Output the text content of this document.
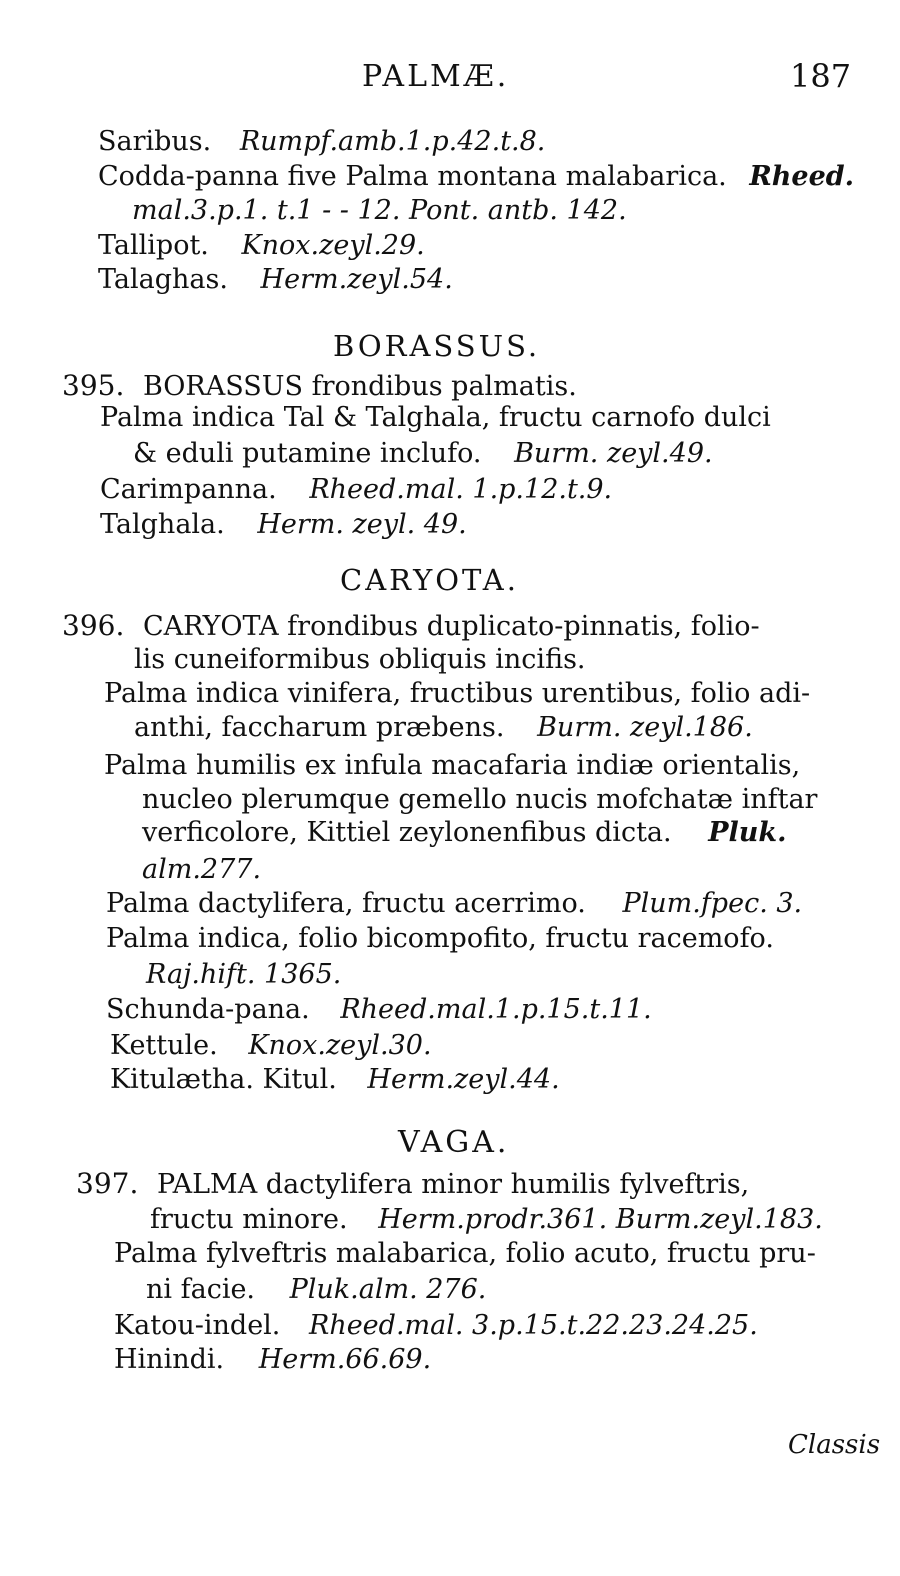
PALMÆ.	187
Saribus. Rumpf.amb.1.p.42.t.8.
Codda-panna five Palma montana malabarica. Rheed.
mal.3.p.1. t.1 - - 12. Pont. antb. 142.
Tallipot. Knox.zeyl.29.
Talaghas. Herm.zeyl.54.
BORASSUS.
395. BORASSUS frondibus palmatis.
Palma indica Tal & Talghala, fructu carnofo dulci
& eduli putamine inclufo. Burm. zeyl.49.
Carimpanna. Rheed.mal. 1.p.12.t.9.
Talghala. Herm. zeyl. 49.
CARYOTA.
396. CARYOTA frondibus duplicato-pinnatis, folio-
lis cuneiformibus obliquis incifis.
Palma indica vinifera, fructibus urentibus, folio adi-
anthi, faccharum præbens. Burm. zeyl.186.
Palma humilis ex infula macafaria indiæ orientalis,
nucleo plerumque gemello nucis mofchatæ inftar
verficolore, Kittiel zeylonenfibus dicta. Pluk.
alm.277.
Palma dactylifera, fructu acerrimo. Plum.fpec. 3.
Palma indica, folio bicompofito, fructu racemofo.
Raj.hift. 1365.
Schunda-pana. Rheed.mal.1.p.15.t.11.
Kettule. Knox.zeyl.30.
Kitulætha. Kitul. Herm.zeyl.44.
VAGA.
397. PALMA dactylifera minor humilis fylveftris,
fructu minore. Herm.prodr.361. Burm.zeyl.183.
Palma fylveftris malabarica, folio acuto, fructu pru-
ni facie. Pluk.alm. 276.
Katou-indel. Rheed.mal. 3.p.15.t.22.23.24.25.
Hinindi. Herm.66.69.
Classis
